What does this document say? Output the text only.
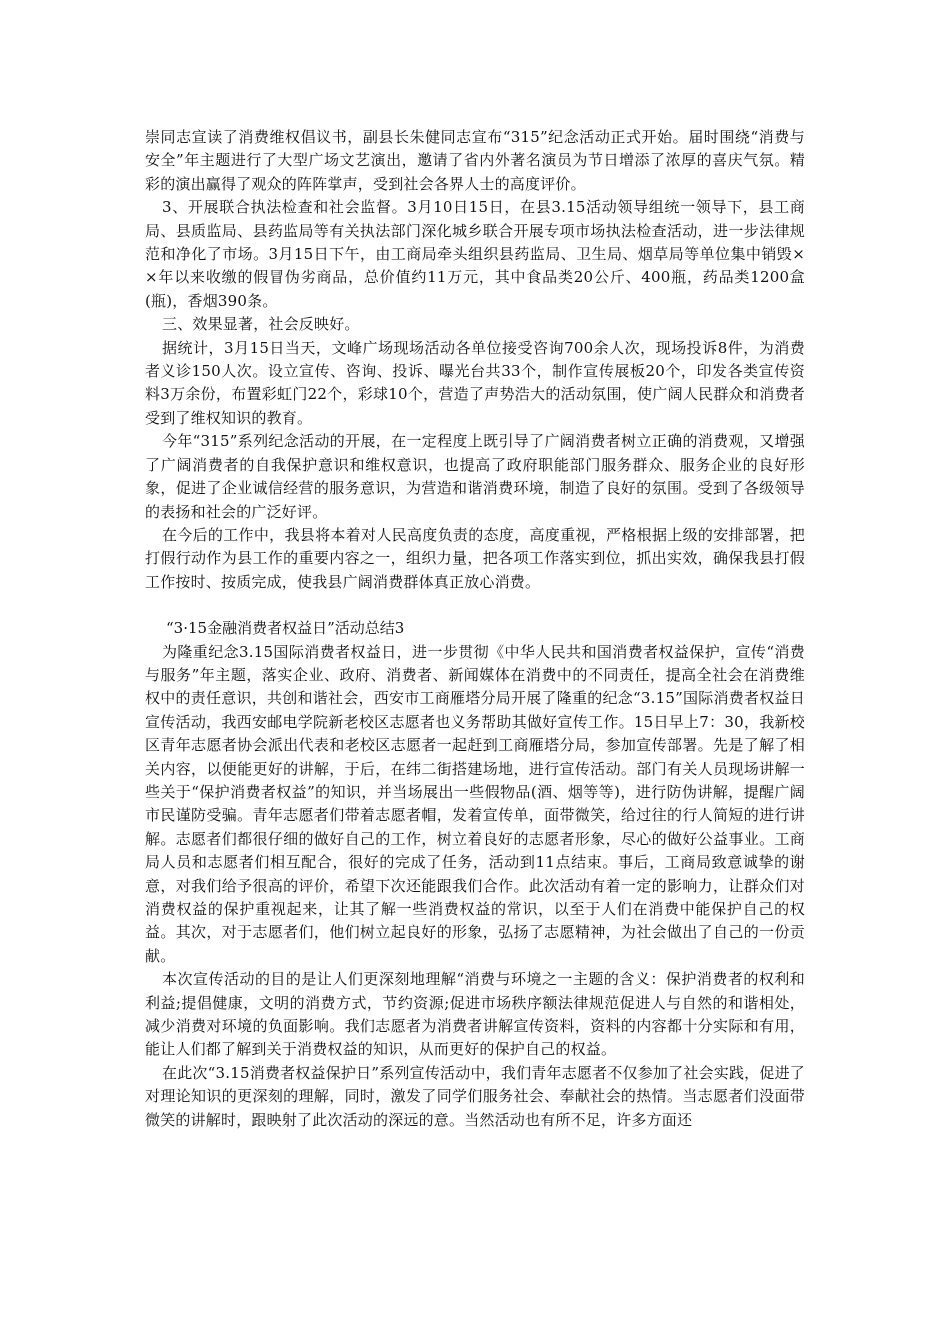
崇同志宣读了消费维权倡议书，副县长朱健同志宣布“315”纪念活动正式开始。届时围绕“消费与安全”年主题进行了大型广场文艺演出，邀请了省内外著名演员为节日增添了浓厚的喜庆气氛。精彩的演出赢得了观众的阵阵掌声，受到社会各界人士的高度评价。

3、开展联合执法检查和社会监督。3月10日15日，在县3.15活动领导组统一领导下，县工商局、县质监局、县药监局等有关执法部门深化城乡联合开展专项市场执法检查活动，进一步法律规范和净化了市场。3月15日下午，由工商局牵头组织县药监局、卫生局、烟草局等单位集中销毁××年以来收缴的假冒伪劣商品，总价值约11万元，其中食品类20公斤、400瓶，药品类1200盒(瓶)，香烟390条。

三、效果显著，社会反映好。

据统计，3月15日当天，文峰广场现场活动各单位接受咨询700余人次，现场投诉8件，为消费者义诊150人次。设立宣传、咨询、投诉、曝光台共33个，制作宣传展板20个，印发各类宣传资料3万余份，布置彩虹门22个，彩球10个，营造了声势浩大的活动氛围，使广阔人民群众和消费者受到了维权知识的教育。

今年“315”系列纪念活动的开展，在一定程度上既引导了广阔消费者树立正确的消费观，又增强了广阔消费者的自我保护意识和维权意识，也提高了政府职能部门服务群众、服务企业的良好形象，促进了企业诚信经营的服务意识，为营造和谐消费环境，制造了良好的氛围。受到了各级领导的表扬和社会的广泛好评。

在今后的工作中，我县将本着对人民高度负责的态度，高度重视，严格根据上级的安排部署，把打假行动作为县工作的重要内容之一，组织力量，把各项工作落实到位，抓出实效，确保我县打假工作按时、按质完成，使我县广阔消费群体真正放心消费。

“3·15金融消费者权益日”活动总结3

为隆重纪念3.15国际消费者权益日，进一步贯彻《中华人民共和国消费者权益保护，宣传“消费与服务”年主题，落实企业、政府、消费者、新闻媒体在消费中的不同责任，提高全社会在消费维权中的责任意识，共创和谐社会，西安市工商雁塔分局开展了隆重的纪念“3.15”国际消费者权益日宣传活动，我西安邮电学院新老校区志愿者也义务帮助其做好宣传工作。15日早上7：30，我新校区青年志愿者协会派出代表和老校区志愿者一起赶到工商雁塔分局，参加宣传部署。先是了解了相关内容，以便能更好的讲解，于后，在纬二街搭建场地，进行宣传活动。部门有关人员现场讲解一些关于“保护消费者权益”的知识，并当场展出一些假物品(酒、烟等等)，进行防伪讲解，提醒广阔市民谨防受骗。青年志愿者们带着志愿者帽，发着宣传单，面带微笑，给过往的行人简短的进行讲解。志愿者们都很仔细的做好自己的工作，树立着良好的志愿者形象，尽心的做好公益事业。工商局人员和志愿者们相互配合，很好的完成了任务，活动到11点结束。事后，工商局致意诚挚的谢意，对我们给予很高的评价，希望下次还能跟我们合作。此次活动有着一定的影响力，让群众们对消费权益的保护重视起来，让其了解一些消费权益的常识，以至于人们在消费中能保护自己的权益。其次，对于志愿者们，他们树立起良好的形象，弘扬了志愿精神，为社会做出了自己的一份贡献。

本次宣传活动的目的是让人们更深刻地理解“消费与环境之一主题的含义：保护消费者的权利和利益;提倡健康，文明的消费方式，节约资源;促进市场秩序额法律规范促进人与自然的和谐相处，减少消费对环境的负面影响。我们志愿者为消费者讲解宣传资料，资料的内容都十分实际和有用，能让人们都了解到关于消费权益的知识，从而更好的保护自己的权益。

在此次“3.15消费者权益保护日”系列宣传活动中，我们青年志愿者不仅参加了社会实践，促进了对理论知识的更深刻的理解，同时，激发了同学们服务社会、奉献社会的热情。当志愿者们没面带微笑的讲解时，跟映射了此次活动的深远的意。当然活动也有所不足，许多方面还
